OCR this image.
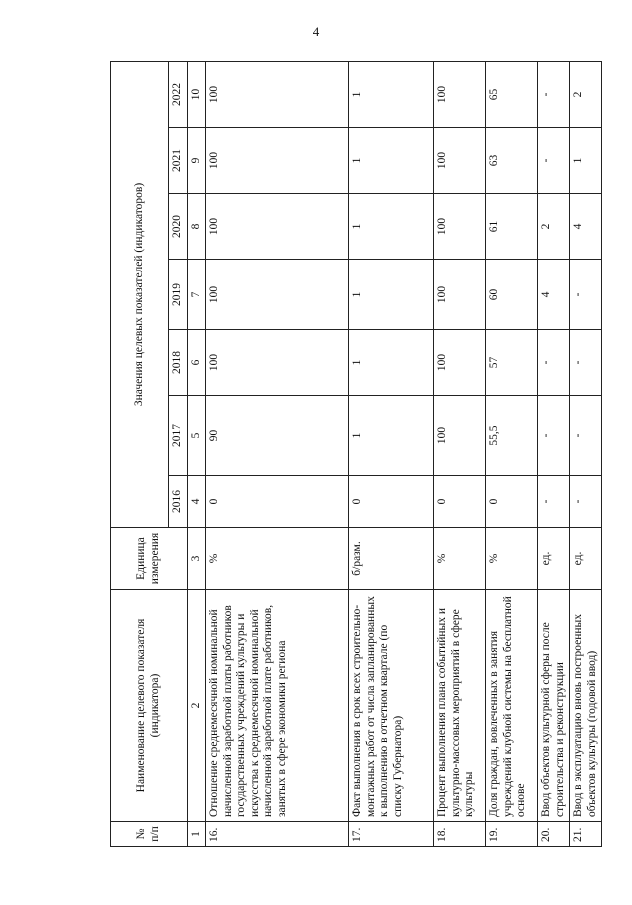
4
№ п/п	Наименование целевого показателя (индикатора)	Единица измерения	Значения целевых показателей (индикаторов)						
			2016	2017	2018	2019	2020	2021	2022
1	2	3	4	5	6	7	8	9	10
16.	Отношение среднемесячной номинальной начисленной заработной платы работников государственных учреждений культуры и искусства к среднемесячной номинальной начисленной заработной плате работников, занятых в сфере экономики региона	%	0	90	100	100	100	100	100
17.	Факт выполнения в срок всех строительно-монтажных работ от числа запланированных к выполнению в отчетном квартале (по списку Губернатора)	б/разм.	0	1	1	1	1	1	1
18.	Процент выполнения плана событийных и культурно-массовых мероприятий в сфере культуры	%	0	100	100	100	100	100	100
19.	Доля граждан, вовлеченных в занятия учреждений клубной системы на бесплатной основе	%	0	55,5	57	60	61	63	65
20.	Ввод объектов культурной сферы после строительства и реконструкции	ед.	-	-	-	4	2	-	-
21.	Ввод в эксплуатацию вновь построенных объектов культуры (годовой ввод)	ед.	-	-	-	-	4	1	2
